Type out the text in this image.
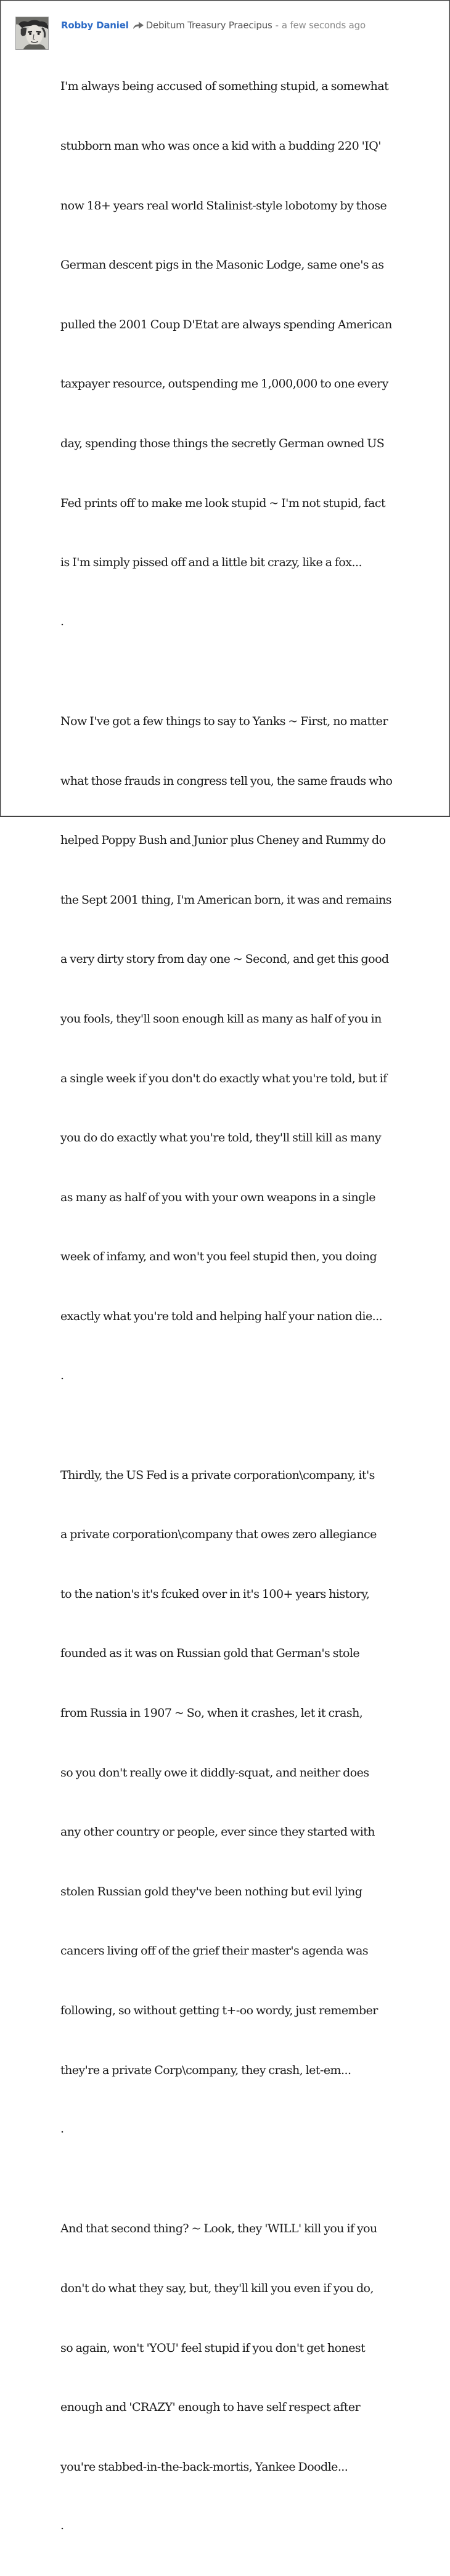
Robby Daniel Debitum Treasury Praecipus - a few seconds ago

I'm always being accused of something stupid, a somewhat

stubborn man who was once a kid with a budding 220 'IQ'

now 18+ years real world Stalinist-style lobotomy by those

German descent pigs in the Masonic Lodge, same one's as

pulled the 2001 Coup D'Etat are always spending American

taxpayer resource, outspending me 1,000,000 to one every

day, spending those things the secretly German owned US

Fed prints off to make me look stupid ~ I'm not stupid, fact

is I'm simply pissed off and a little bit crazy, like a fox...

.

Now I've got a few things to say to Yanks ~ First, no matter

what those frauds in congress tell you, the same frauds who

helped Poppy Bush and Junior plus Cheney and Rummy do

the Sept 2001 thing, I'm American born, it was and remains

a very dirty story from day one ~ Second, and get this good

you fools, they'll soon enough kill as many as half of you in

a single week if you don't do exactly what you're told, but if

you do do exactly what you're told, they'll still kill as many

as many as half of you with your own weapons in a single

week of infamy, and won't you feel stupid then, you doing

exactly what you're told and helping half your nation die...

.

Thirdly, the US Fed is a private corporation\company, it's

a private corporation\company that owes zero allegiance

to the nation's it's fcuked over in it's 100+ years history,

founded as it was on Russian gold that German's stole

from Russia in 1907 ~ So, when it crashes, let it crash,

so you don't really owe it diddly-squat, and neither does

any other country or people, ever since they started with

stolen Russian gold they've been nothing but evil lying

cancers living off of the grief their master's agenda was

following, so without getting t+-oo wordy, just remember

they're a private Corp\company, they crash, let-em...

.

And that second thing? ~ Look, they 'WILL' kill you if you

don't do what they say, but, they'll kill you even if you do,

so again, won't 'YOU' feel stupid if you don't get honest

enough and 'CRAZY' enough to have self respect after

you're stabbed-in-the-back-mortis, Yankee Doodle...

.
